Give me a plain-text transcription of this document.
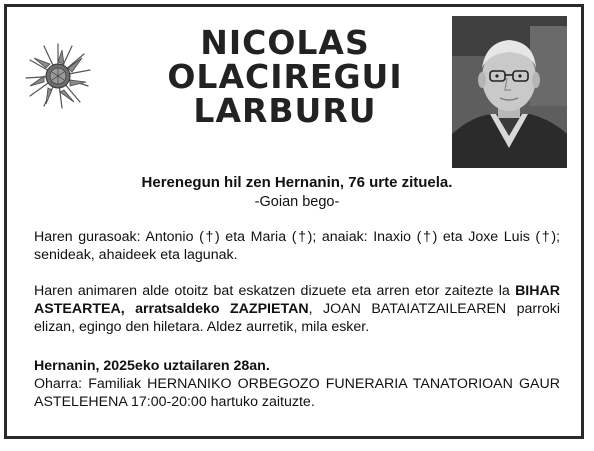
NICOLAS
OLACIREGUI
LARBURU
Herenegun hil zen Hernanin, 76 urte zituela.
-Goian bego-
Haren gurasoak: Antonio (†) eta Maria (†); anaiak: Inaxio (†) eta Joxe Luis (†); senideak, ahaideek eta lagunak.
Haren animaren alde otoitz bat eskatzen dizuete eta arren etor zaitezte la BIHAR ASTEARTEA, arratsaldeko ZAZPIETAN, JOAN BATAIATZAILEAREN parroki elizan, egingo den hiletara. Aldez aurretik, mila esker.
Hernanin, 2025eko uztailaren 28an.
Oharra: Familiak HERNANIKO ORBEGOZO FUNERARIA TANATORIOAN GAUR ASTELEHENA 17:00-20:00 hartuko zaituzte.
